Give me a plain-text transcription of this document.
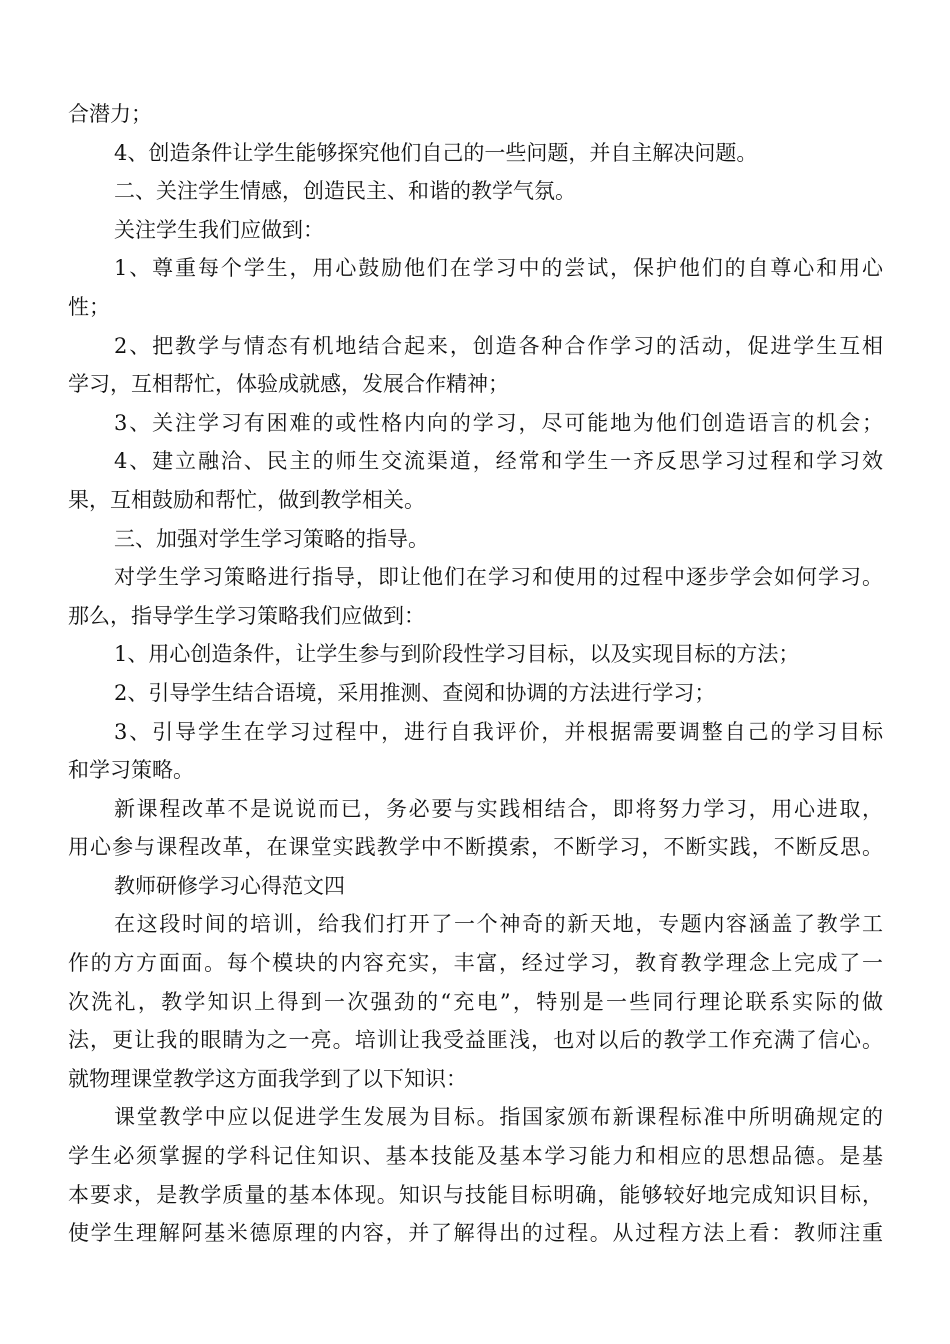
合潜力；
4、创造条件让学生能够探究他们自己的一些问题，并自主解决问题。
二、关注学生情感，创造民主、和谐的教学气氛。
关注学生我们应做到：
1、尊重每个学生，用心鼓励他们在学习中的尝试，保护他们的自尊心和用心
性；
2、把教学与情态有机地结合起来，创造各种合作学习的活动，促进学生互相
学习，互相帮忙，体验成就感，发展合作精神；
3、关注学习有困难的或性格内向的学习，尽可能地为他们创造语言的机会；
4、建立融洽、民主的师生交流渠道，经常和学生一齐反思学习过程和学习效
果，互相鼓励和帮忙，做到教学相关。
三、加强对学生学习策略的指导。
对学生学习策略进行指导，即让他们在学习和使用的过程中逐步学会如何学习。
那么，指导学生学习策略我们应做到：
1、用心创造条件，让学生参与到阶段性学习目标，以及实现目标的方法；
2、引导学生结合语境，采用推测、查阅和协调的方法进行学习；
3、引导学生在学习过程中，进行自我评价，并根据需要调整自己的学习目标
和学习策略。
新课程改革不是说说而已，务必要与实践相结合，即将努力学习，用心进取，
用心参与课程改革，在课堂实践教学中不断摸索，不断学习，不断实践，不断反思。
教师研修学习心得范文四
在这段时间的培训，给我们打开了一个神奇的新天地，专题内容涵盖了教学工
作的方方面面。每个模块的内容充实，丰富，经过学习，教育教学理念上完成了一
次洗礼，教学知识上得到一次强劲的“充电”，特别是一些同行理论联系实际的做
法，更让我的眼睛为之一亮。培训让我受益匪浅，也对以后的教学工作充满了信心。
就物理课堂教学这方面我学到了以下知识：
课堂教学中应以促进学生发展为目标。指国家颁布新课程标准中所明确规定的
学生必须掌握的学科记住知识、基本技能及基本学习能力和相应的思想品德。是基
本要求，是教学质量的基本体现。知识与技能目标明确，能够较好地完成知识目标，
使学生理解阿基米德原理的内容，并了解得出的过程。从过程方法上看：教师注重
